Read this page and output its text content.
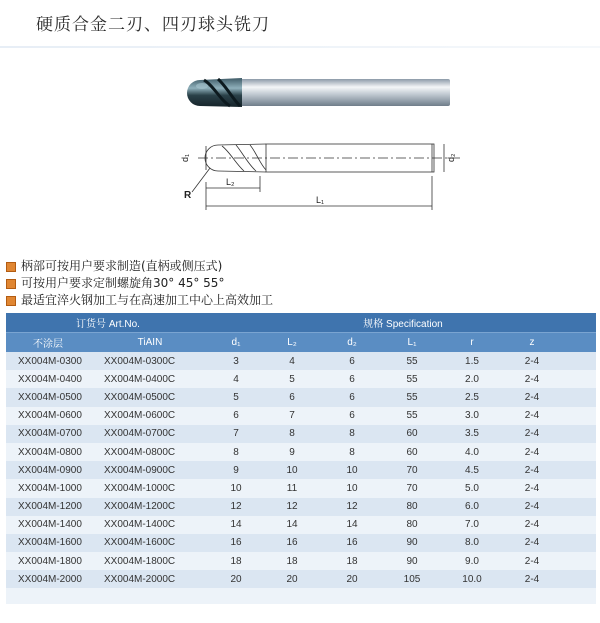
硬质合金二刃、四刃球头铣刀
d₁	d₂
R
L₂
L₁
柄部可按用户要求制造(直柄或侧压式)
可按用户要求定制螺旋角30° 45° 55°
最适宜淬火钢加工与在高速加工中心上高效加工
订货号 Art.No.		规格 Specification						
不涂层	TiAIN	d₁	L₂	d₂	L₁	r	z	
XX004M-0300	XX004M-0300C	3	4	6	55	1.5	2-4	
XX004M-0400	XX004M-0400C	4	5	6	55	2.0	2-4	
XX004M-0500	XX004M-0500C	5	6	6	55	2.5	2-4	
XX004M-0600	XX004M-0600C	6	7	6	55	3.0	2-4	
XX004M-0700	XX004M-0700C	7	8	8	60	3.5	2-4	
XX004M-0800	XX004M-0800C	8	9	8	60	4.0	2-4	
XX004M-0900	XX004M-0900C	9	10	10	70	4.5	2-4	
XX004M-1000	XX004M-1000C	10	11	10	70	5.0	2-4	
XX004M-1200	XX004M-1200C	12	12	12	80	6.0	2-4	
XX004M-1400	XX004M-1400C	14	14	14	80	7.0	2-4	
XX004M-1600	XX004M-1600C	16	16	16	90	8.0	2-4	
XX004M-1800	XX004M-1800C	18	18	18	90	9.0	2-4	
XX004M-2000	XX004M-2000C	20	20	20	105	10.0	2-4	
